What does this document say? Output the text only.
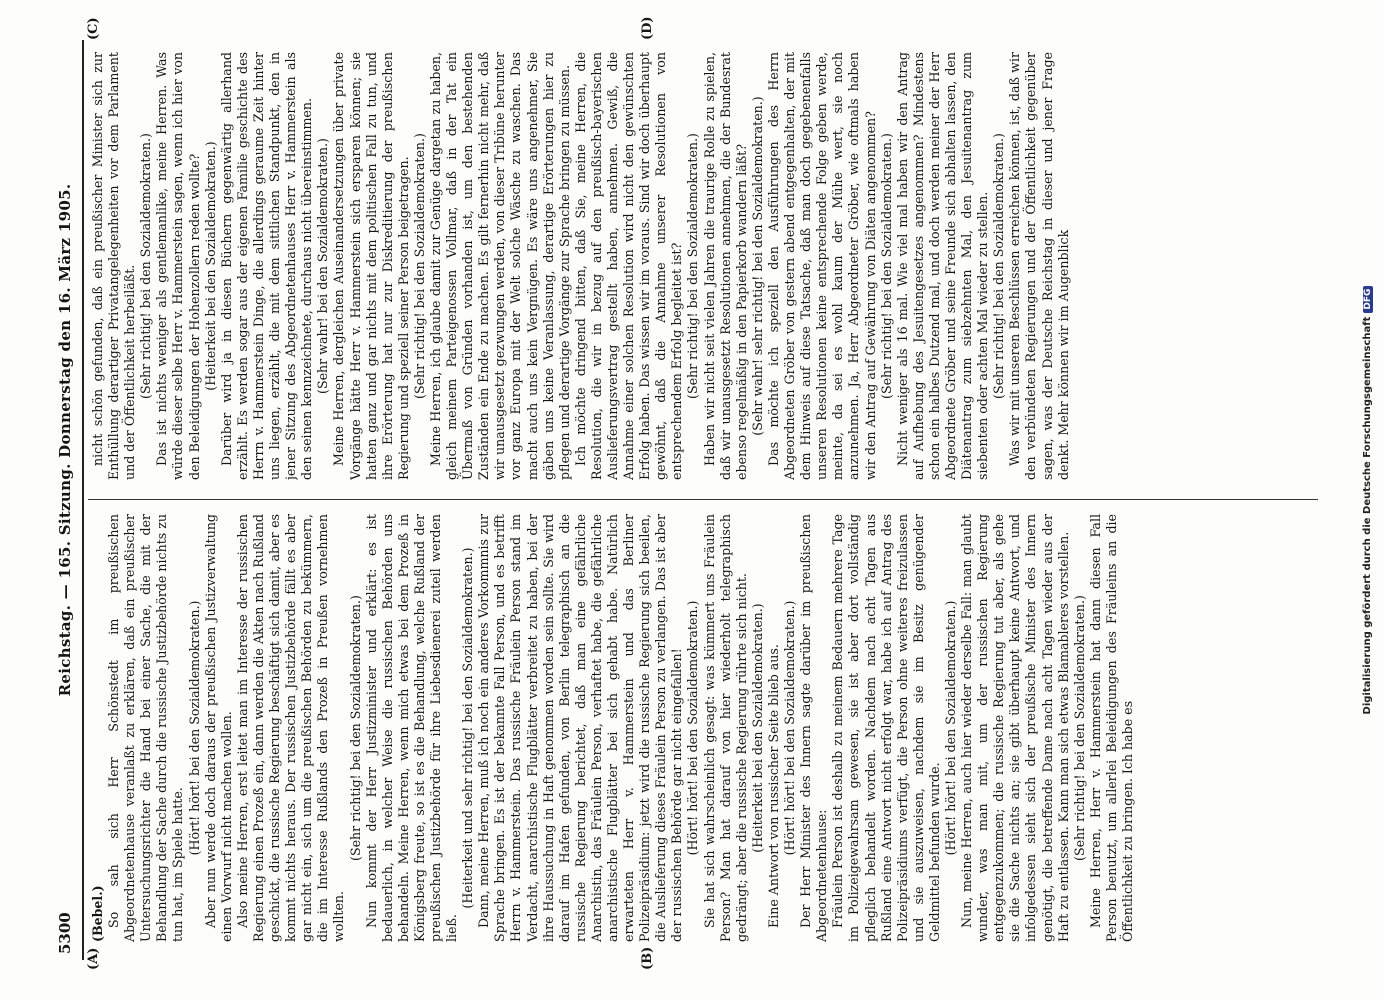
5300
Reichstag. — 165. Sitzung. Donnerstag den 16. März 1905.
(A)	(B)
(C)	(D)

(Bebel.) So sah sich Herr Schönstedt im preußischen Abgeordnetenhause veranlaßt zu erklären, daß ein preußischer Untersuchungsrichter die Hand bei einer Sache, die mit der Behandlung der Sache durch die russische Justizbehörde nichts zu tun hat, im Spiele hatte.

(Hört! hört! bei den Sozialdemokraten.) Aber nun werde doch daraus der preußischen Justizverwaltung einen Vorwurf nicht machen wollen. Also meine Herren, erst leitet man im Interesse der russischen Regierung einen Prozeß ein, dann werden die Akten nach Rußland geschickt, die russische Regierung beschäftigt sich damit, aber es kommt nichts heraus. Der russischen Justizbehörde fällt es aber gar nicht ein, sich um die preußischen Behörden zu bekümmern, die im Interesse Rußlands den Prozeß in Preußen vornehmen wollten.

(Sehr richtig! bei den Sozialdemokraten.) Nun kommt der Herr Justizminister und erklärt: es ist bedauerlich, in welcher Weise die russischen Behörden uns behandeln. Meine Herren, wenn mich etwas bei dem Prozeß in Königsberg freute, so ist es die Behandlung, welche Rußland der preußischen Justizbehörde für ihre Liebesdienerei zuteil werden ließ.

(Heiterkeit und sehr richtig! bei den Sozialdemokraten.) Dann, meine Herren, muß ich noch ein anderes Vorkommnis zur Sprache bringen. Es ist der bekannte Fall Person, und es betrifft Herrn v. Hammerstein. Das russische Fräulein Person stand im Verdacht, anarchistische Flugblätter verbreitet zu haben, bei der ihre Haussuchung in Haft genommen worden sein sollte. Sie wird darauf im Hafen gefunden, von Berlin telegraphisch an die russische Regierung berichtet, daß man eine gefährliche Anarchistin, das Fräulein Person, verhaftet habe, die gefährliche anarchistische Flugblätter bei sich gehabt habe. Natürlich erwarteten Herr v. Hammerstein und das Berliner Polizeipräsidium: jetzt wird die russische Regierung sich beeilen, die Auslieferung dieses Fräulein Person zu verlangen. Das ist aber der russischen Behörde gar nicht eingefallen! (Hört! hört! bei den Sozialdemokraten.) Sie hat sich wahrscheinlich gesagt: was kümmert uns Fräulein Person? Man hat darauf von hier wiederholt telegraphisch gedrängt; aber die russische Regierung rührte sich nicht. (Heiterkeit bei den Sozialdemokraten.) Eine Antwort von russischer Seite blieb aus. (Hört! hört! bei den Sozialdemokraten.) Der Herr Minister des Innern sagte darüber im preußischen Abgeordnetenhause: Fräulein Person ist deshalb zu meinem Bedauern mehrere Tage im Polizeigewahrsam gewesen, sie ist aber dort vollständig pfleglich behandelt worden. Nachdem nach acht Tagen aus Rußland eine Antwort nicht erfolgt war, habe ich auf Antrag des Polizeipräsidiums verfügt, die Person ohne weiteres freizulassen und sie auszuweisen, nachdem sie im Besitz genügender Geldmittel befunden wurde. (Hört! hört! bei den Sozialdemokraten.) Nun, meine Herren, auch hier wieder derselbe Fall: man glaubt wunder, was man mit, um der russischen Regierung entgegenzukommen; die russische Regierung tut aber, als gehe sie die Sache nichts an; sie gibt überhaupt keine Antwort, und infolgedessen sieht sich der preußische Minister des Innern genötigt, die betreffende Dame nach acht Tagen wieder aus der Haft zu entlassen. Kann man sich etwas Blamableres vorstellen. (Sehr richtig! bei den Sozialdemokraten.) Meine Herren, Herr v. Hammerstein hat dann diesen Fall Person benutzt, um allerlei Beleidigungen des Fräuleins an die Öffentlichkeit zu bringen. Ich habe es

nicht schön gefunden, daß ein preußischer Minister sich zur Enthüllung derartiger Privatangelegenheiten vor dem Parlament und der Öffentlichkeit herbeiläßt. (Sehr richtig! bei den Sozialdemokraten.) Das ist nichts weniger als gentlemanlike, meine Herren. Was würde dieser selbe Herr v. Hammerstein sagen, wenn ich hier von den Beleidigungen der Hohenzollern reden wollte? (Heiterkeit bei den Sozialdemokraten.) Darüber wird ja in diesen Büchern gegenwärtig allerhand erzählt. Es werden sogar aus der eigenen Familie geschichte des Herrn v. Hammerstein Dinge, die allerdings geraume Zeit hinter uns liegen, erzählt, die mit dem sittlichen Standpunkt, den in jener Sitzung des Abgeordnetenhauses Herr v. Hammerstein als den seinen kennzeichnete, durchaus nicht übereinstimmen. (Sehr wahr! bei den Sozialdemokraten.) Meine Herren, dergleichen Auseinandersetzungen über private Vorgänge hätte Herr v. Hammerstein sich ersparen können; sie hatten ganz und gar nichts mit dem politischen Fall zu tun, und ihre Erörterung hat nur zur Diskreditierung der preußischen Regierung und speziell seiner Person beigetragen. (Sehr richtig! bei den Sozialdemokraten.) Meine Herren, ich glaube damit zur Genüge dargetan zu haben, gleich meinem Parteigenossen Vollmar, daß in der Tat ein Übermaß von Gründen vorhanden ist, um den bestehenden Zuständen ein Ende zu machen. Es gilt fernerhin nicht mehr, daß wir unausgesetzt gezwungen werden, von dieser Tribüne herunter vor ganz Europa mit der Welt solche Wäsche zu waschen. Das macht auch uns kein Vergnügen. Es wäre uns angenehmer, Sie gäben uns keine Veranlassung, derartige Erörterungen hier zu pflegen und derartige Vorgänge zur Sprache bringen zu müssen. Ich möchte dringend bitten, daß Sie, meine Herren, die Resolution, die wir in bezug auf den preußisch-bayerischen Auslieferungsvertrag gestellt haben, annehmen. Gewiß, die Annahme einer solchen Resolution wird nicht den gewünschten Erfolg haben. Das wissen wir im voraus. Sind wir doch überhaupt gewöhnt, daß die Annahme unserer Resolutionen von entsprechendem Erfolg begleitet ist? (Sehr richtig! bei den Sozialdemokraten.) Haben wir nicht seit vielen Jahren die traurige Rolle zu spielen, daß wir unausgesetzt Resolutionen annehmen, die der Bundesrat ebenso regelmäßig in den Papierkorb wandern läßt? (Sehr wahr! sehr richtig! bei den Sozialdemokraten.) Das möchte ich speziell den Ausführungen des Herrn Abgeordneten Gröber von gestern abend entgegenhalten, der mit dem Hinweis auf diese Tatsache, daß man doch gegebenenfalls unseren Resolutionen keine entsprechende Folge geben werde, meinte, da sei es wohl kaum der Mühe wert, sie noch anzunehmen. Ja, Herr Abgeordneter Gröber, wie oftmals haben wir den Antrag auf Gewährung von Diäten angenommen? (Sehr richtig! bei den Sozialdemokraten.) Nicht weniger als 16 mal. Wie viel mal haben wir den Antrag auf Aufhebung des Jesuitengesetzes angenommen? Mindestens schon ein halbes Dutzend mal, und doch werden meiner der Herr Abgeordnete Gröber und seine Freunde sich abhalten lassen, den Diätenantrag zum siebzehnten Mal, den Jesuitenantrag zum siebenten oder achten Mal wieder zu stellen. (Sehr richtig! bei den Sozialdemokraten.) Was wir mit unseren Beschlüssen erreichen können, ist, daß wir den verbündeten Regierungen und der Öffentlichkeit gegenüber sagen, was der Deutsche Reichstag in dieser und jener Frage denkt. Mehr können wir im Augenblick	Digitalisierung gefördert durch die Deutsche ForschungsgemeinschaftDFG
